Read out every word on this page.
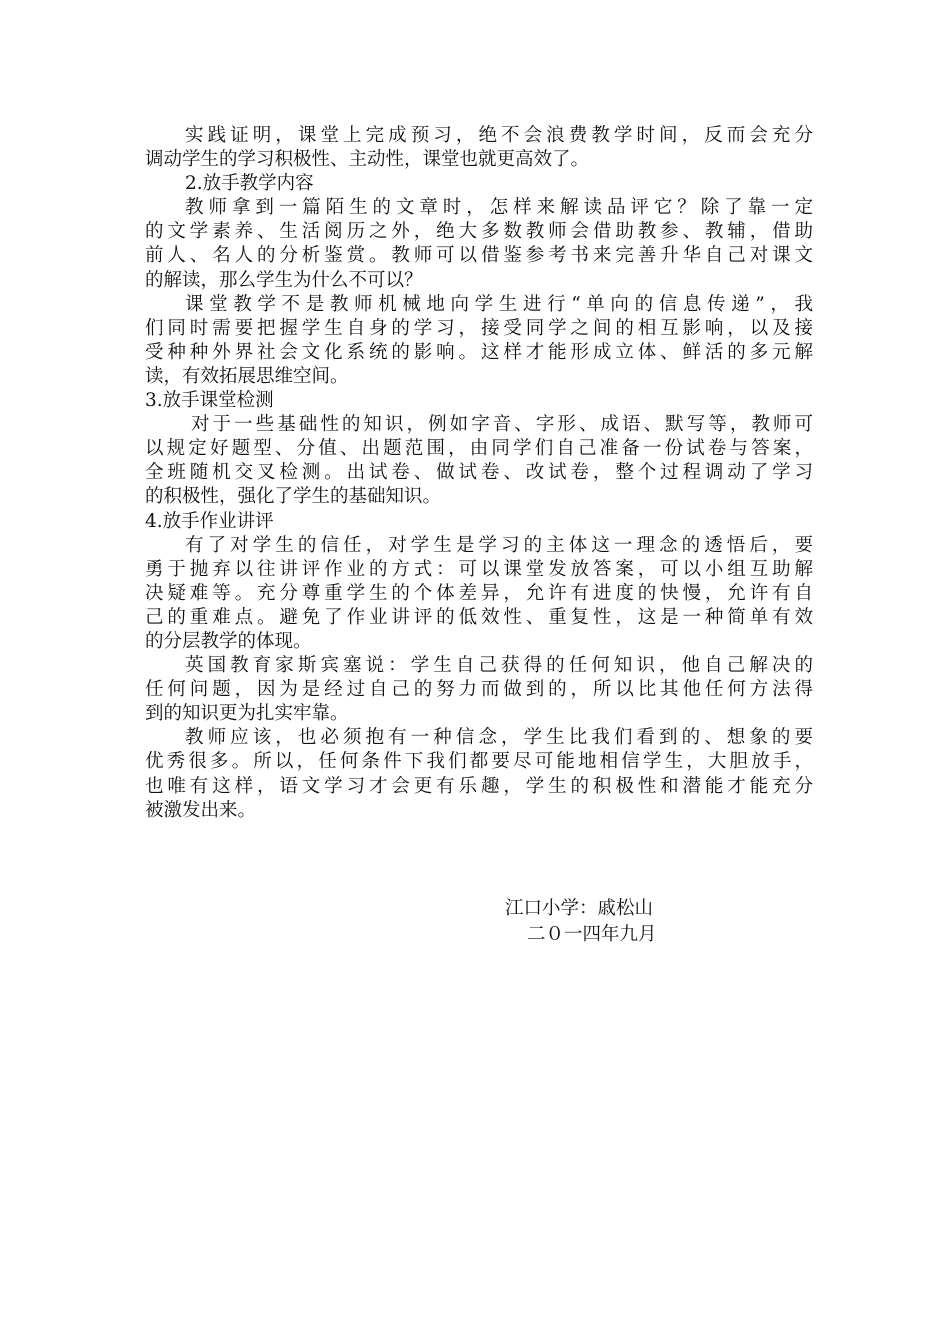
实践证明，课堂上完成预习，绝不会浪费教学时间，反而会充分
调动学生的学习积极性、主动性，课堂也就更高效了。
2.放手教学内容
教师拿到一篇陌生的文章时，怎样来解读品评它？除了靠一定
的文学素养、生活阅历之外，绝大多数教师会借助教参、教辅，借助
前人、名人的分析鉴赏。教师可以借鉴参考书来完善升华自己对课文
的解读，那么学生为什么不可以？
课堂教学不是教师机械地向学生进行“单向的信息传递”，我
们同时需要把握学生自身的学习，接受同学之间的相互影响，以及接
受种种外界社会文化系统的影响。这样才能形成立体、鲜活的多元解
读，有效拓展思维空间。
3.放手课堂检测
对于一些基础性的知识，例如字音、字形、成语、默写等，教师可
以规定好题型、分值、出题范围，由同学们自己准备一份试卷与答案，
全班随机交叉检测。出试卷、做试卷、改试卷，整个过程调动了学习
的积极性，强化了学生的基础知识。
4.放手作业讲评
有了对学生的信任，对学生是学习的主体这一理念的透悟后，要
勇于抛弃以往讲评作业的方式：可以课堂发放答案，可以小组互助解
决疑难等。充分尊重学生的个体差异，允许有进度的快慢，允许有自
己的重难点。避免了作业讲评的低效性、重复性，这是一种简单有效
的分层教学的体现。
英国教育家斯宾塞说：学生自己获得的任何知识，他自己解决的
任何问题，因为是经过自己的努力而做到的，所以比其他任何方法得
到的知识更为扎实牢靠。
教师应该，也必须抱有一种信念，学生比我们看到的、想象的要
优秀很多。所以，任何条件下我们都要尽可能地相信学生，大胆放手，
也唯有这样，语文学习才会更有乐趣，学生的积极性和潜能才能充分
被激发出来。
江口小学：戚松山
二０一四年九月
